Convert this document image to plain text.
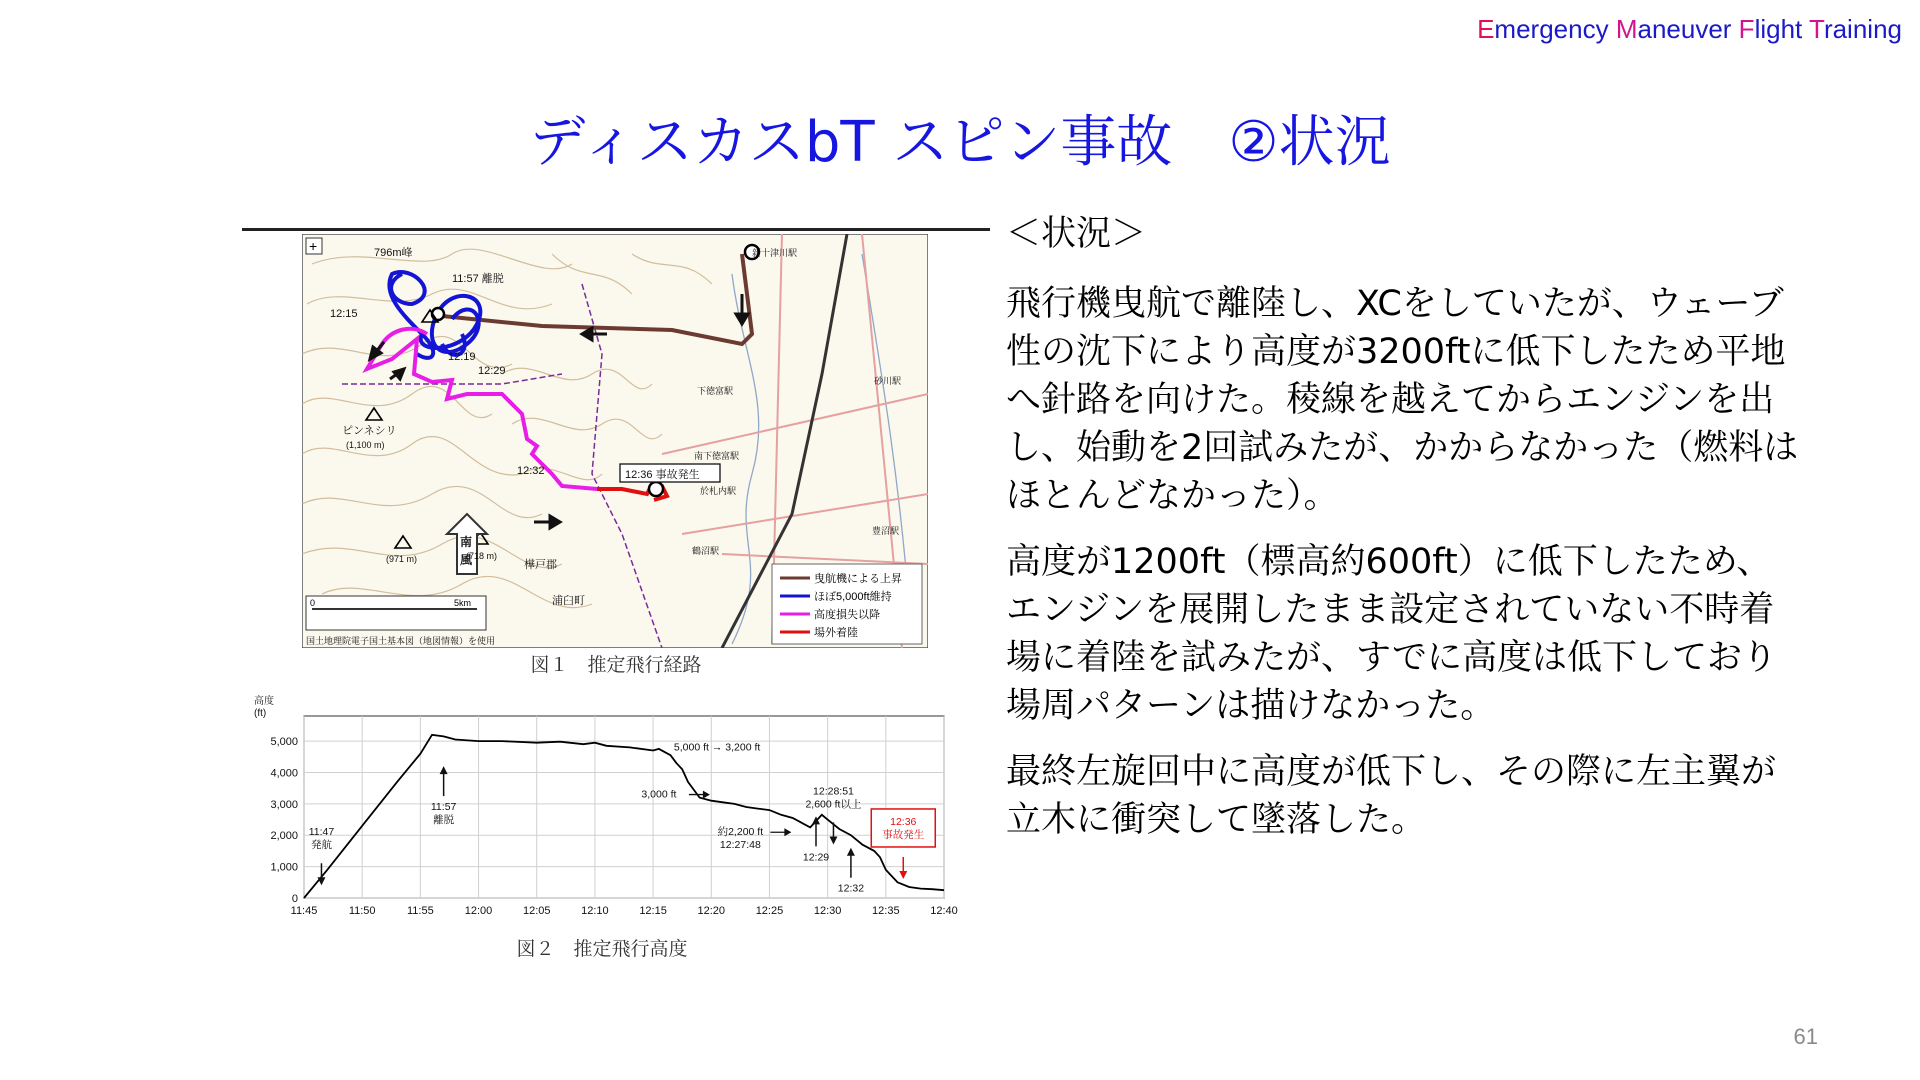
Emergency Maneuver Flight Training
ディスカスbT スピン事故　②状況
796m峰
11:57 離脱
12:15
12:19
12:29
12:32
ピンネシリ
(1,100 m)
(971 m)	(718 m)
南
風	樺戸郡
浦臼町
新十津川駅
下徳富駅
南下徳富駅
於札内駅
鶴沼駅
豊沼駅
砂川駅
12:36 事故発生
0	5km
国土地理院電子国土基本図（地図情報）を使用
曳航機による上昇
ほぼ5,000ft維持
高度損失以降
場外着陸
+
図１　推定飛行経路
0
1,000
2,000
3,000
4,000
5,000
11:45	11:50	11:55	12:00	12:05	12:10	12:15	12:20	12:25	12:30	12:35	12:40
高度
(ft)
11:47
発航
11:57
離脱
5,000 ft → 3,200 ft
3,000 ft	12:28:51
2,600 ft以上
約2,200 ft
12:27:48
12:29
12:32
12:36
事故発生
図２　推定飛行高度
＜状況＞

飛行機曳航で離陸し、XCをしていたが、ウェーブ性の沈下により高度が3200ftに低下したため平地へ針路を向けた。稜線を越えてからエンジンを出し、始動を2回試みたが、かからなかった（燃料はほとんどなかった）。

高度が1200ft（標高約600ft）に低下したため、エンジンを展開したまま設定されていない不時着場に着陸を試みたが、すでに高度は低下しており場周パターンは描けなかった。

最終左旋回中に高度が低下し、その際に左主翼が立木に衝突して墜落した。

61
